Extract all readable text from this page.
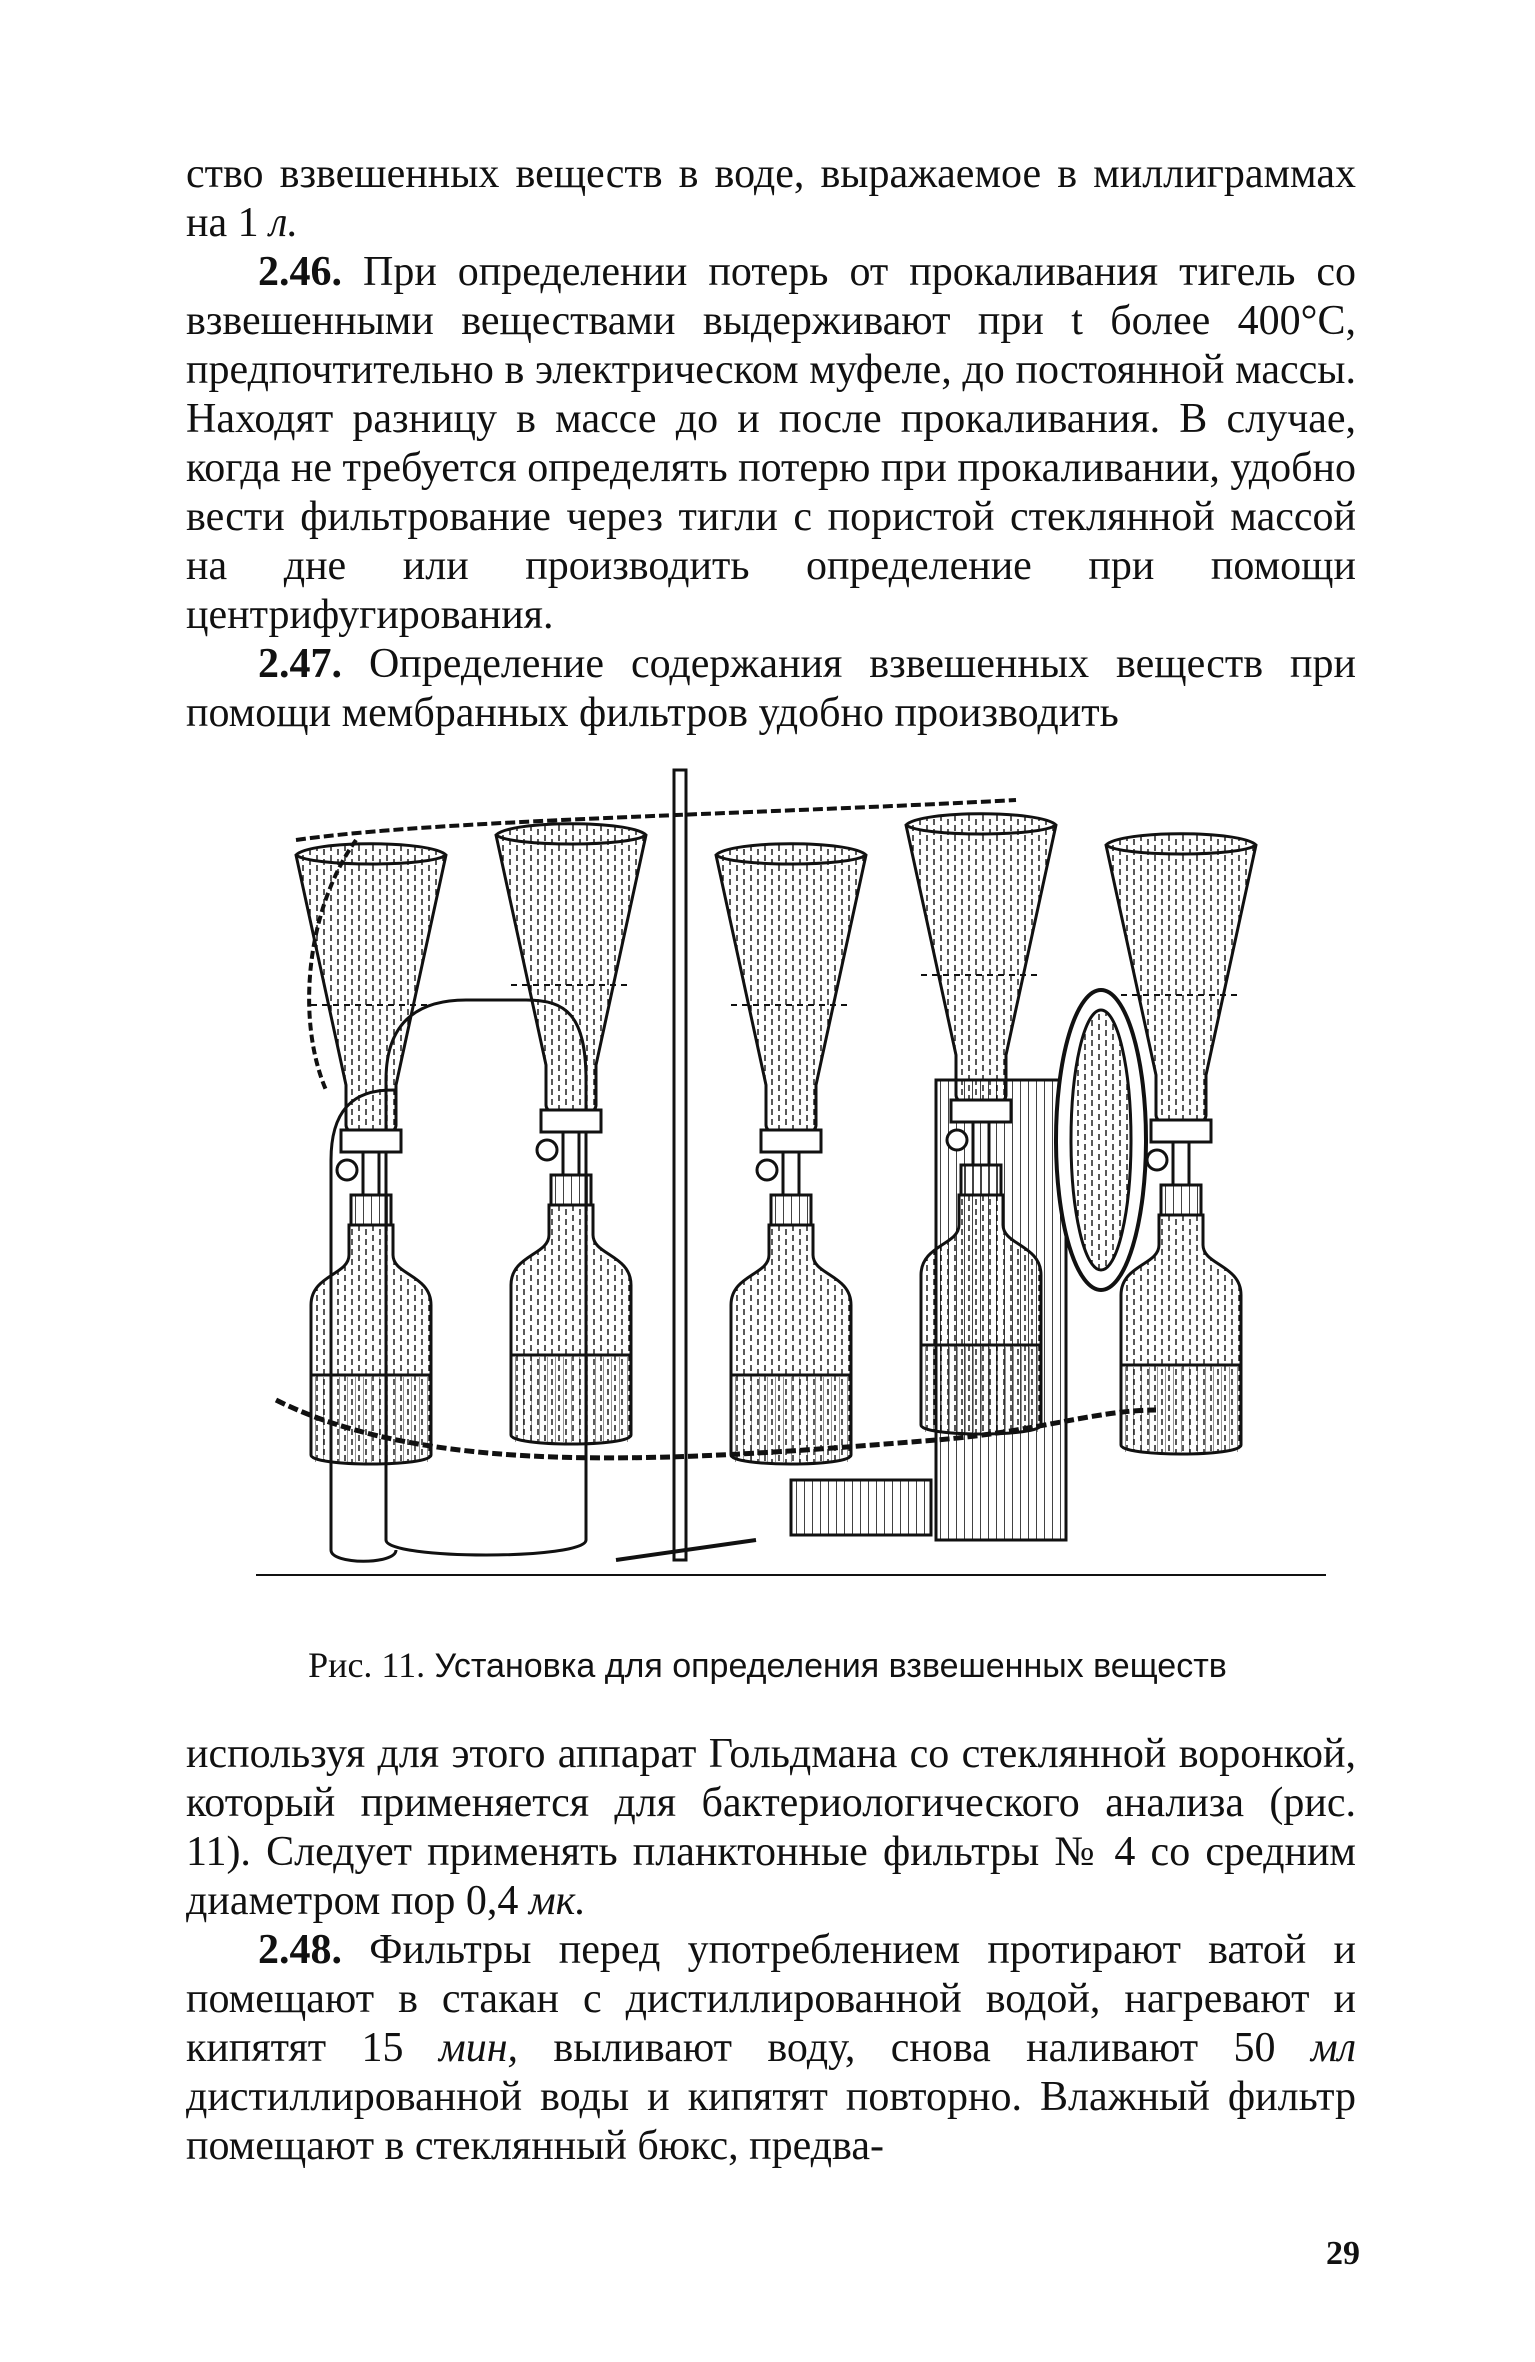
ство взвешенных веществ в воде, выражаемое в миллиграммах на 1 л.

2.46. При определении потерь от прокаливания тигель со взвешенными веществами выдерживают при t более 400°С, предпочтительно в электрическом муфеле, до постоянной массы. Находят разницу в массе до и после прокаливания. В случае, когда не требуется определять потерю при прокаливании, удобно вести фильтрование через тигли с пористой стеклянной массой на дне или производить определение при помощи центрифугирования.

2.47. Определение содержания взвешенных веществ при помощи мембранных фильтров удобно производить

Рис. 11. Установка для определения взвешенных веществ

используя для этого аппарат Гольдмана со стеклянной воронкой, который применяется для бактериологического анализа (рис. 11). Следует применять планктонные фильтры № 4 со средним диаметром пор 0,4 мк.

2.48. Фильтры перед употреблением протирают ватой и помещают в стакан с дистиллированной водой, нагревают и кипятят 15 мин, выливают воду, снова наливают 50 мл дистиллированной воды и кипятят повторно. Влажный фильтр помещают в стеклянный бюкс, предва-

29
